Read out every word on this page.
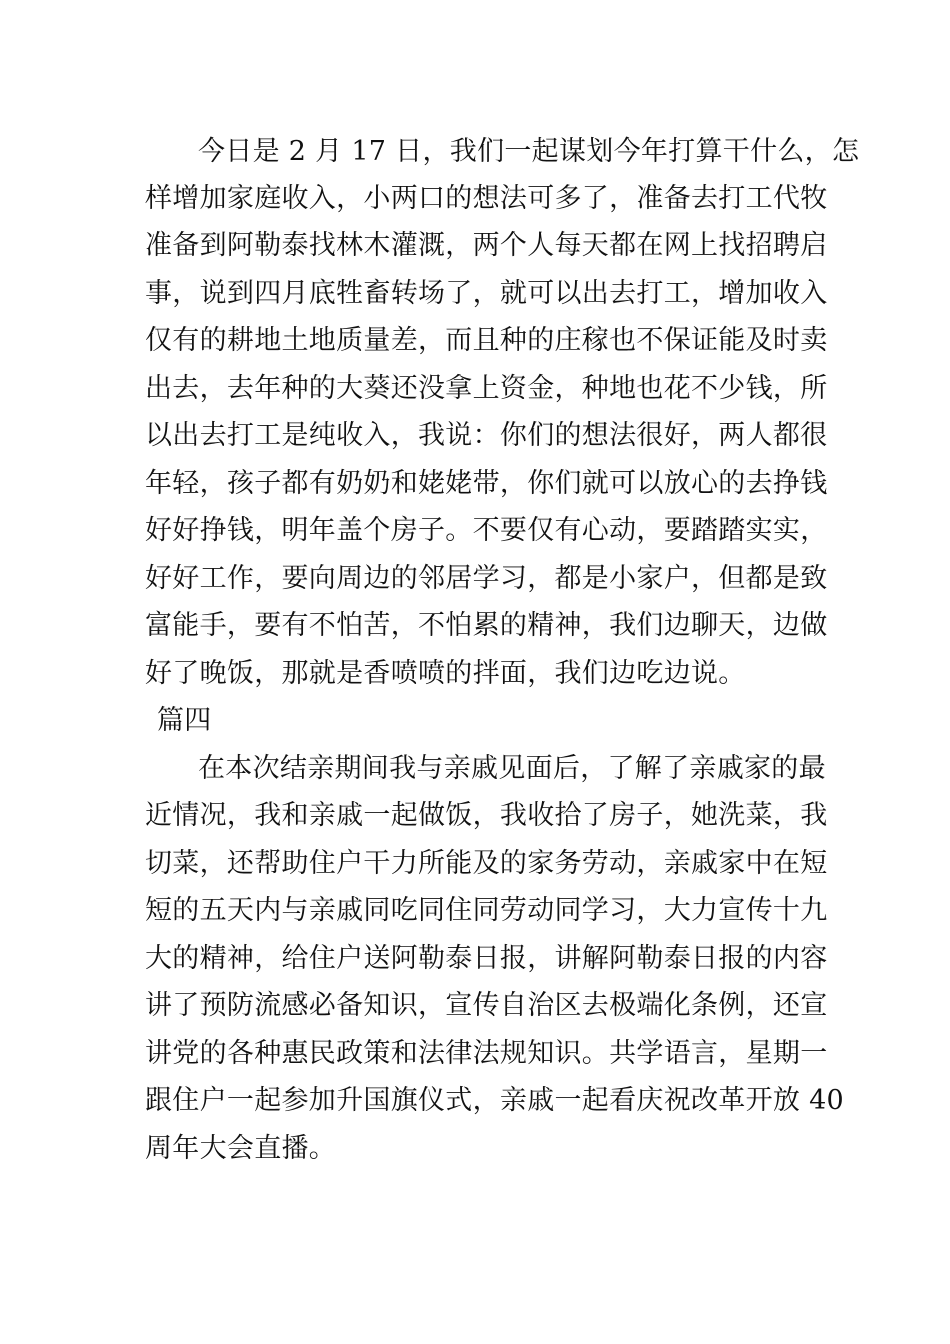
今日是 2 月 17 日，我们一起谋划今年打算干什么，怎
样增加家庭收入，小两口的想法可多了，准备去打工代牧
准备到阿勒泰找林木灌溉，两个人每天都在网上找招聘启
事，说到四月底牲畜转场了，就可以出去打工，增加收入
仅有的耕地土地质量差，而且种的庄稼也不保证能及时卖
出去，去年种的大葵还没拿上资金，种地也花不少钱，所
以出去打工是纯收入，我说：你们的想法很好，两人都很
年轻，孩子都有奶奶和姥姥带，你们就可以放心的去挣钱
好好挣钱，明年盖个房子。不要仅有心动，要踏踏实实，
好好工作，要向周边的邻居学习，都是小家户，但都是致
富能手，要有不怕苦，不怕累的精神，我们边聊天，边做
好了晚饭，那就是香喷喷的拌面，我们边吃边说。
篇四
在本次结亲期间我与亲戚见面后，了解了亲戚家的最
近情况，我和亲戚一起做饭，我收拾了房子，她洗菜，我
切菜，还帮助住户干力所能及的家务劳动，亲戚家中在短
短的五天内与亲戚同吃同住同劳动同学习，大力宣传十九
大的精神，给住户送阿勒泰日报，讲解阿勒泰日报的内容
讲了预防流感必备知识，宣传自治区去极端化条例，还宣
讲党的各种惠民政策和法律法规知识。共学语言，星期一
跟住户一起参加升国旗仪式，亲戚一起看庆祝改革开放 40
周年大会直播。
